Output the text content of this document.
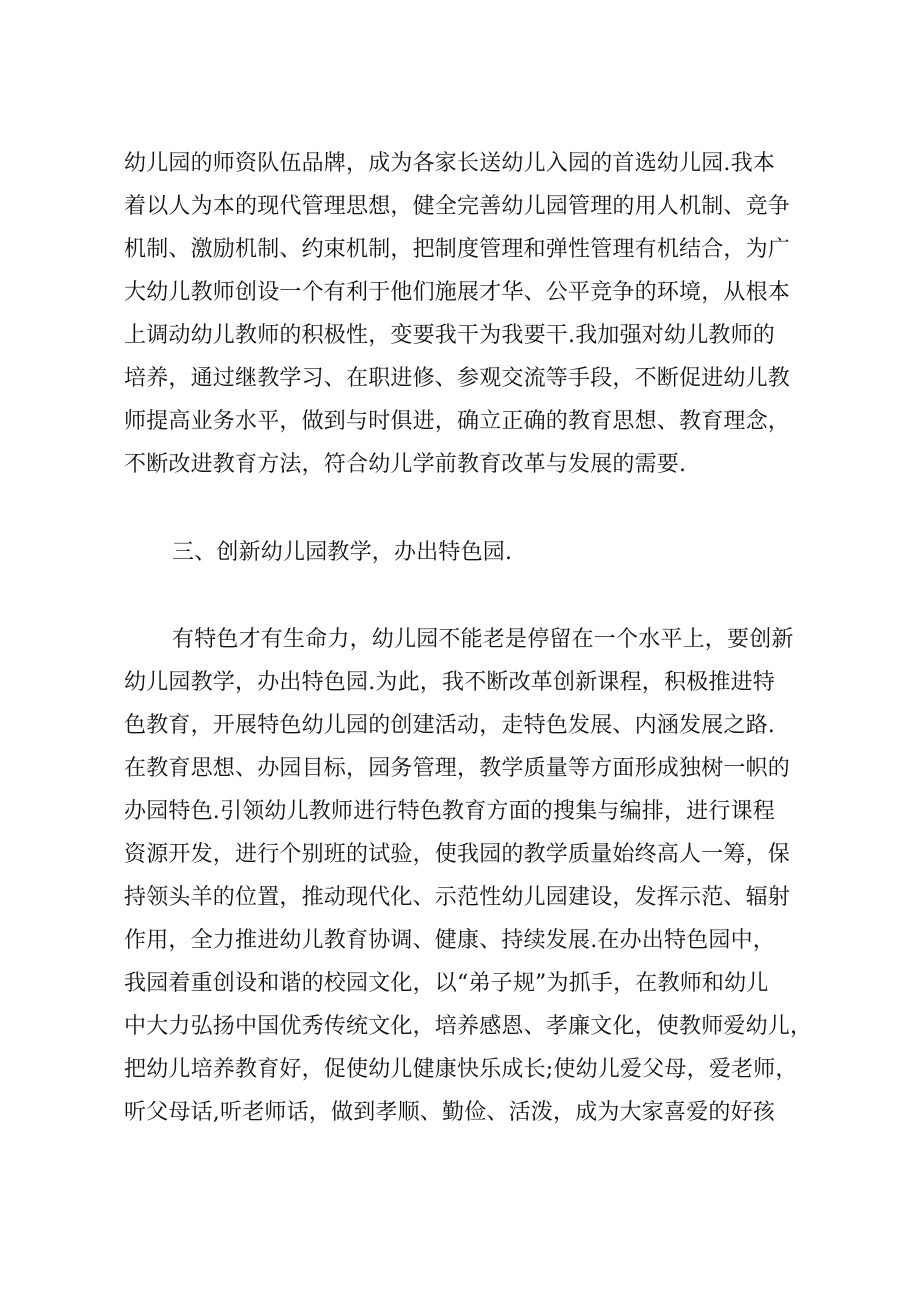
幼儿园的师资队伍品牌，成为各家长送幼儿入园的首选幼儿园.我本
着以人为本的现代管理思想，健全完善幼儿园管理的用人机制、竞争
机制、激励机制、约束机制，把制度管理和弹性管理有机结合，为广
大幼儿教师创设一个有利于他们施展才华、公平竞争的环境，从根本
上调动幼儿教师的积极性，变要我干为我要干.我加强对幼儿教师的
培养，通过继教学习、在职进修、参观交流等手段，不断促进幼儿教
师提高业务水平，做到与时俱进，确立正确的教育思想、教育理念，
不断改进教育方法，符合幼儿学前教育改革与发展的需要.
三、创新幼儿园教学，办出特色园.
有特色才有生命力，幼儿园不能老是停留在一个水平上，要创新
幼儿园教学，办出特色园.为此，我不断改革创新课程，积极推进特
色教育，开展特色幼儿园的创建活动，走特色发展、内涵发展之路.
在教育思想、办园目标，园务管理，教学质量等方面形成独树一帜的
办园特色.引领幼儿教师进行特色教育方面的搜集与编排，进行课程
资源开发，进行个别班的试验，使我园的教学质量始终高人一筹，保
持领头羊的位置，推动现代化、示范性幼儿园建设，发挥示范、辐射
作用，全力推进幼儿教育协调、健康、持续发展.在办出特色园中，
我园着重创设和谐的校园文化，以“弟子规”为抓手，在教师和幼儿
中大力弘扬中国优秀传统文化，培养感恩、孝廉文化，使教师爱幼儿，
把幼儿培养教育好，促使幼儿健康快乐成长;使幼儿爱父母，爱老师，
听父母话,听老师话，做到孝顺、勤俭、活泼，成为大家喜爱的好孩
